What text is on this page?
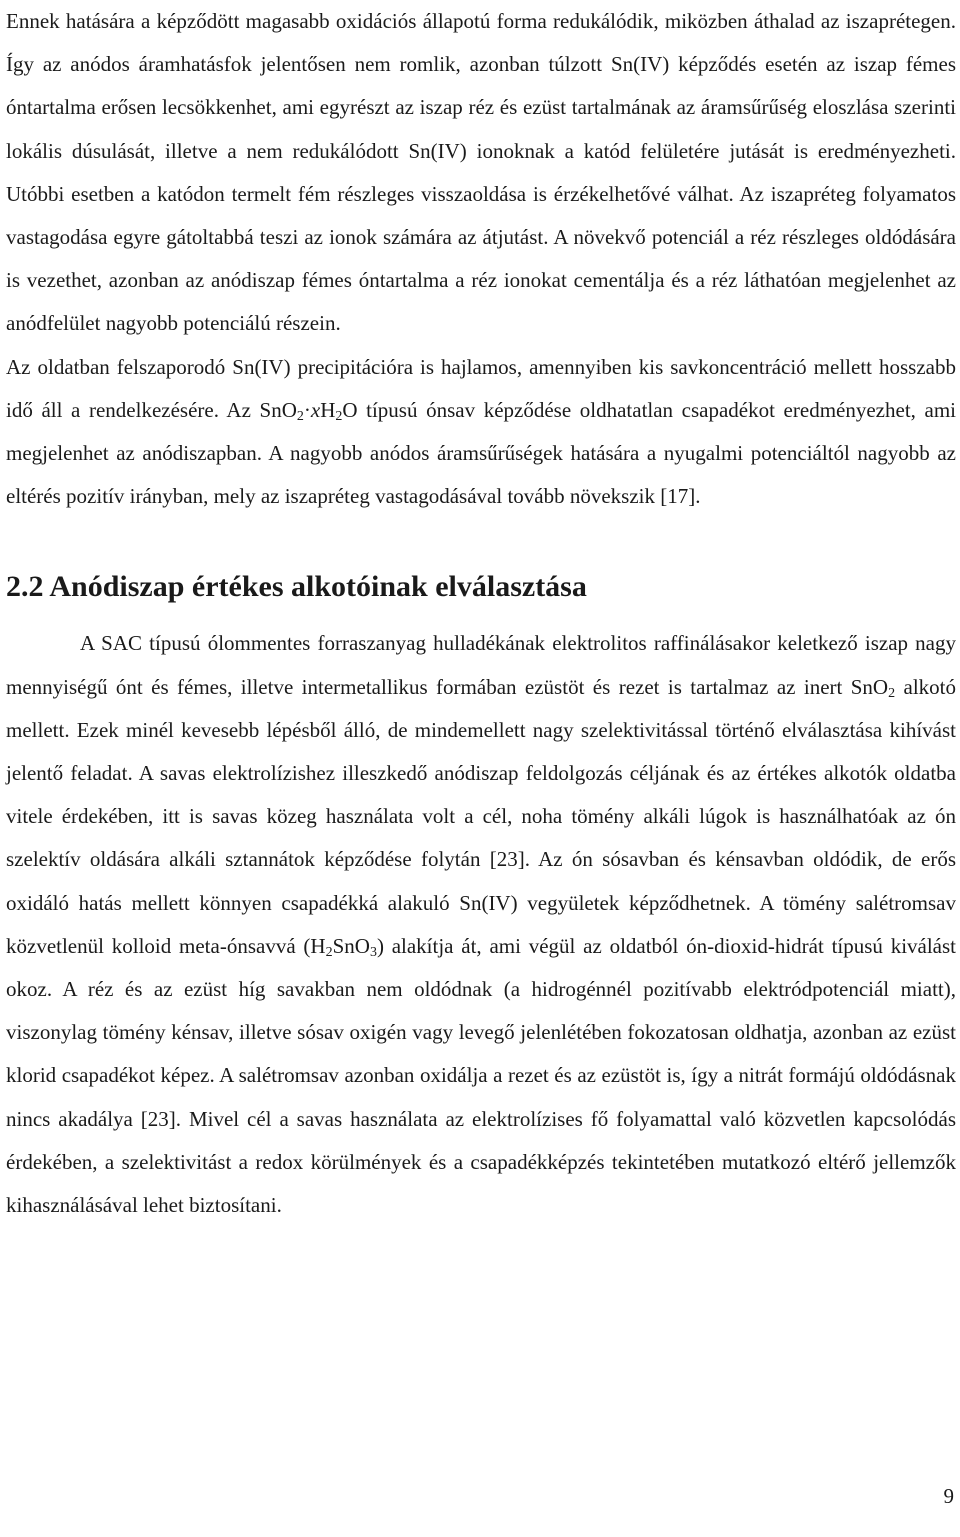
Ennek hatására a képződött magasabb oxidációs állapotú forma redukálódik, miközben áthalad az iszaprétegen. Így az anódos áramhatásfok jelentősen nem romlik, azonban túlzott Sn(IV) képződés esetén az iszap fémes óntartalma erősen lecsökkenhet, ami egyrészt az iszap réz és ezüst tartalmának az áramsűrűség eloszlása szerinti lokális dúsulását, illetve a nem redukálódott Sn(IV) ionoknak a katód felületére jutását is eredményezheti. Utóbbi esetben a katódon termelt fém részleges visszaoldása is érzékelhetővé válhat. Az iszapréteg folyamatos vastagodása egyre gátoltabbá teszi az ionok számára az átjutást. A növekvő potenciál a réz részleges oldódására is vezethet, azonban az anódiszap fémes óntartalma a réz ionokat cementálja és a réz láthatóan megjelenhet az anódfelület nagyobb potenciálú részein.

Az oldatban felszaporodó Sn(IV) precipitációra is hajlamos, amennyiben kis savkoncentráció mellett hosszabb idő áll a rendelkezésére. Az $SnO_2\cdot xH_2O$ típusú ónsav képződése oldhatatlan csapadékot eredményezhet, ami megjelenhet az anódiszapban. A nagyobb anódos áramsűrűségek hatására a nyugalmi potenciáltól nagyobb az eltérés pozitív irányban, mely az iszapréteg vastagodásával tovább növekszik [17].

2.2 Anódiszap értékes alkotóinak elválasztása

A SAC típusú ólommentes forraszanyag hulladékának elektrolitos raffinálásakor keletkező iszap nagy mennyiségű ónt és fémes, illetve intermetallikus formában ezüstöt és rezet is tartalmaz az inert SnO$_2$ alkotó mellett. Ezek minél kevesebb lépésből álló, de mindemellett nagy szelektivitással történő elválasztása kihívást jelentő feladat. A savas elektrolízishez illeszkedő anódiszap feldolgozás céljának és az értékes alkotók oldatba vitele érdekében, itt is savas közeg használata volt a cél, noha tömény alkáli lúgok is használhatóak az ón szelektív oldására alkáli sztannátok képződése folytán [23]. Az ón sósavban és kénsavban oldódik, de erős oxidáló hatás mellett könnyen csapadékká alakuló Sn(IV) vegyületek képződhetnek. A tömény salétromsav közvetlenül kolloid meta-ónsavvá $(H_2SnO_3)$ alakítja át, ami végül az oldatból ón-dioxid-hidrát típusú kiválást okoz. A réz és az ezüst híg savakban nem oldódnak (a hidrogénnél pozitívabb elektródpotenciál miatt), viszonylag tömény kénsav, illetve sósav oxigén vagy levegő jelenlétében fokozatosan oldhatja, azonban az ezüst klorid csapadékot képez. A salétromsav azonban oxidálja a rezet és az ezüstöt is, így a nitrát formájú oldódásnak nincs akadálya [23]. Mivel cél a savas használata az elektrolízises fő folyamattal való közvetlen kapcsolódás érdekében, a szelektivitást a redox körülmények és a csapadékképzés tekintetében mutatkozó eltérő jellemzők kihasználásával lehet biztosítani.

9
